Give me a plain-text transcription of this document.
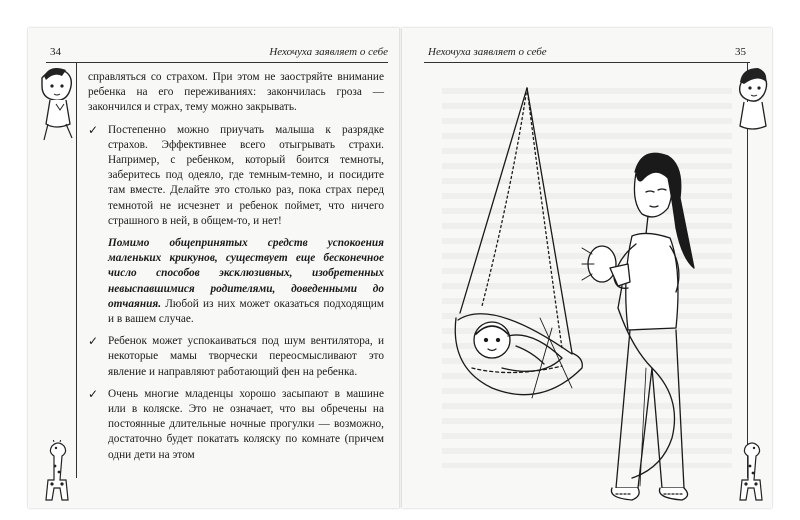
34	Нехочуха заявляет о себе

справляться со страхом. При этом не заостряйте внимание ребенка на его переживаниях: закончилась гроза — закончился и страх, тему можно закрывать.

✓ Постепенно можно приучать малыша к разрядке страхов. Эффективнее всего отыгрывать страхи. Например, с ребенком, который боится темноты, заберитесь под одеяло, где темным-темно, и посидите там вместе. Делайте это столько раз, пока страх перед темнотой не исчезнет и ребенок поймет, что ничего страшного в ней, в общем-то, и нет!

Помимо общепринятых средств успокоения маленьких крикунов, существует еще бесконечное число способов эксклюзивных, изобретенных невыспавшимися родителями, доведенными до отчаяния. Любой из них может оказаться подходящим и в вашем случае.

✓ Ребенок может успокаиваться под шум вентилятора, и некоторые мамы творчески переосмысливают это явление и направляют работающий фен на ребенка.
✓ Очень многие младенцы хорошо засыпают в машине или в коляске. Это не означает, что вы обречены на постоянные длительные ночные прогулки — возможно, достаточно будет покатать коляску по комнате (причем одни дети на этом
Нехочуха заявляет о себе	35
